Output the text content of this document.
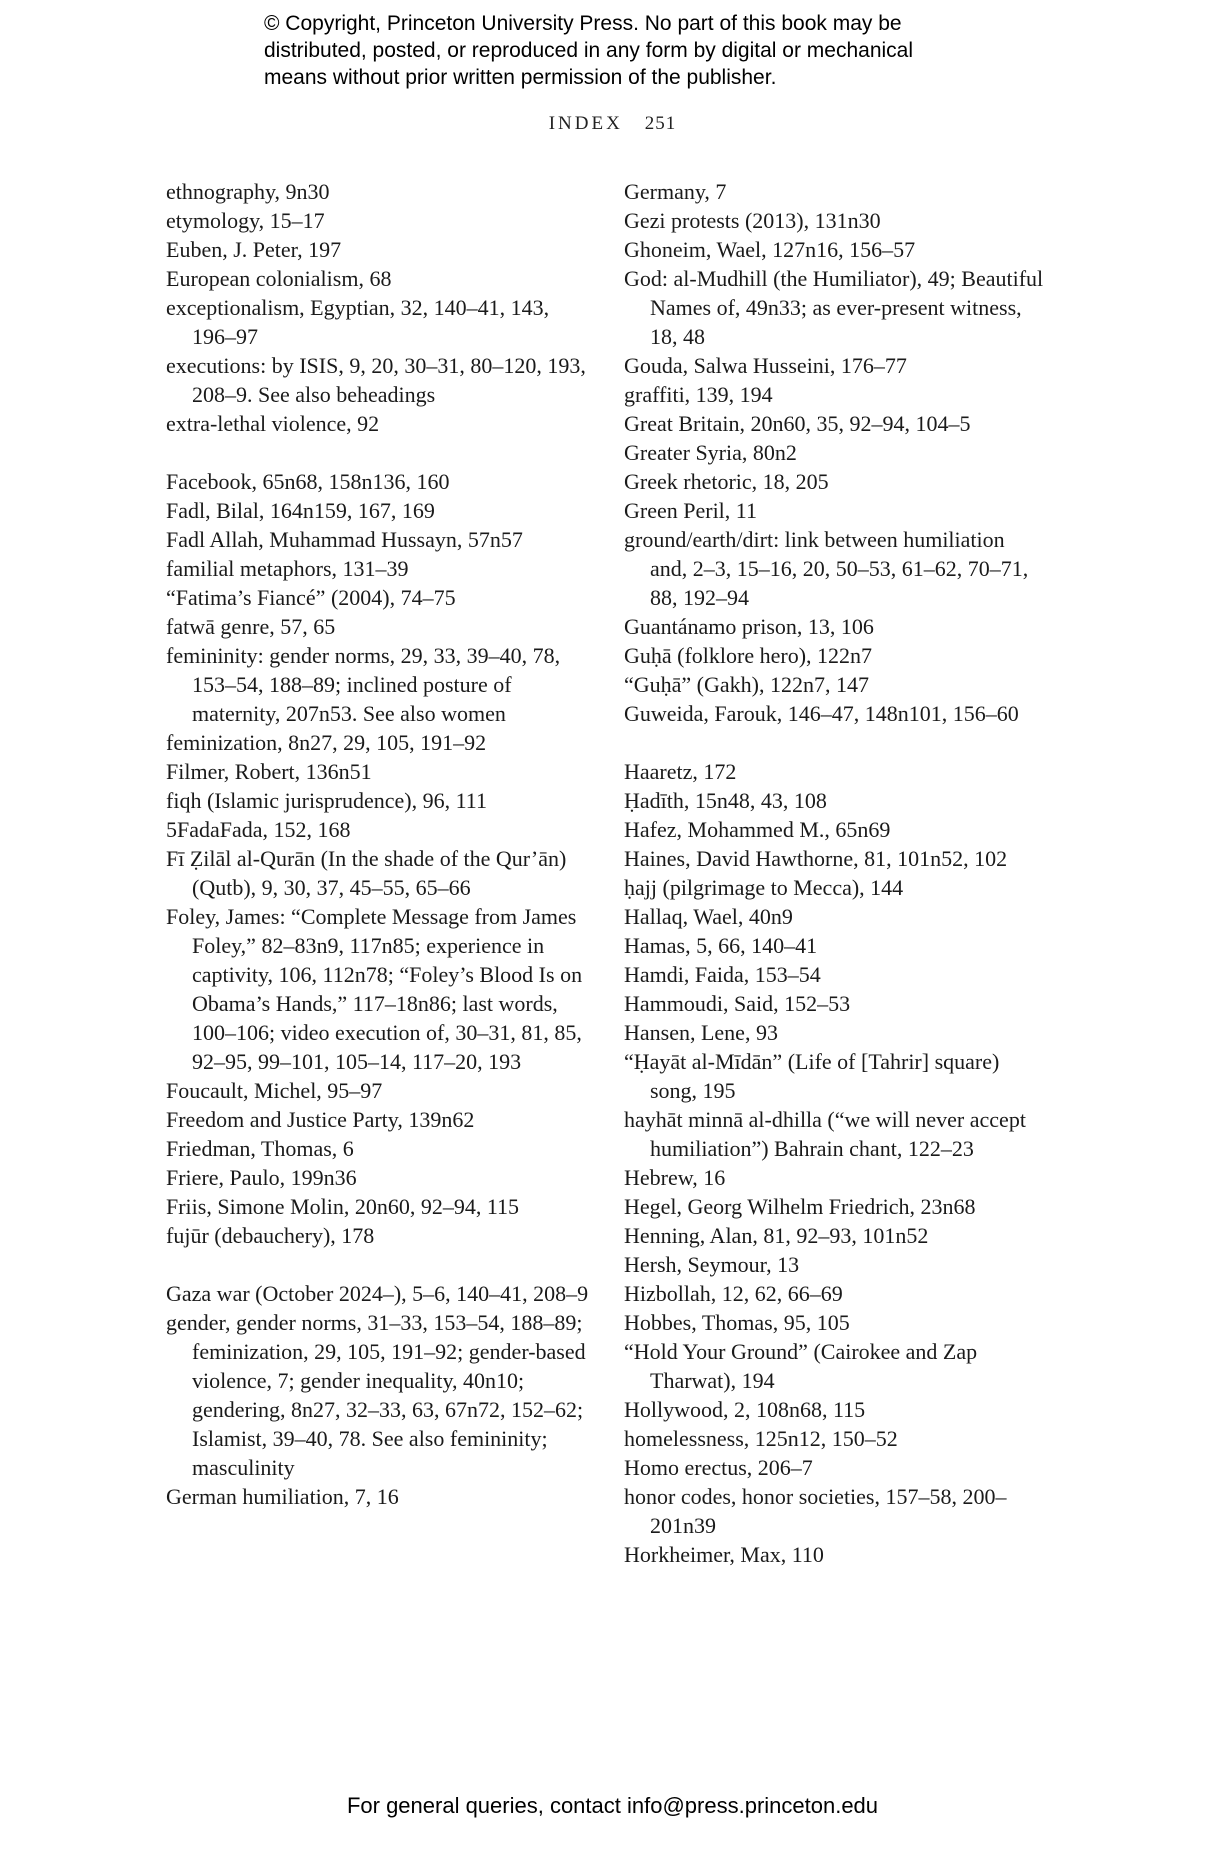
© Copyright, Princeton University Press. No part of this book may be
distributed, posted, or reproduced in any form by digital or mechanical
means without prior written permission of the publisher.
INDEX 251
ethnography, 9n30
etymology, 15–17
Euben, J. Peter, 197
European colonialism, 68
exceptionalism, Egyptian, 32, 140–41, 143, 196–97
executions: by ISIS, 9, 20, 30–31, 80–120, 193, 208–9. See also beheadings
extra-lethal violence, 92
Facebook, 65n68, 158n136, 160
Fadl, Bilal, 164n159, 167, 169
Fadl Allah, Muhammad Hussayn, 57n57
familial metaphors, 131–39
“Fatima’s Fiancé” (2004), 74–75
fatwā genre, 57, 65
femininity: gender norms, 29, 33, 39–40, 78, 153–54, 188–89; inclined posture of maternity, 207n53. See also women
feminization, 8n27, 29, 105, 191–92
Filmer, Robert, 136n51
fiqh (Islamic jurisprudence), 96, 111
5FadaFada, 152, 168
Fī Ẓilāl al-Qurān (In the shade of the Qur’ān) (Qutb), 9, 30, 37, 45–55, 65–66
Foley, James: “Complete Message from James Foley,” 82–83n9, 117n85; experience in captivity, 106, 112n78; “Foley’s Blood Is on Obama’s Hands,” 117–18n86; last words, 100–106; video execution of, 30–31, 81, 85, 92–95, 99–101, 105–14, 117–20, 193
Foucault, Michel, 95–97
Freedom and Justice Party, 139n62
Friedman, Thomas, 6
Friere, Paulo, 199n36
Friis, Simone Molin, 20n60, 92–94, 115
fujūr (debauchery), 178
Gaza war (October 2024–), 5–6, 140–41, 208–9
gender, gender norms, 31–33, 153–54, 188–89; feminization, 29, 105, 191–92; gender-based violence, 7; gender inequality, 40n10; gendering, 8n27, 32–33, 63, 67n72, 152–62; Islamist, 39–40, 78. See also femininity; masculinity
German humiliation, 7, 16
Germany, 7
Gezi protests (2013), 131n30
Ghoneim, Wael, 127n16, 156–57
God: al-Mudhill (the Humiliator), 49; Beautiful Names of, 49n33; as ever-present witness, 18, 48
Gouda, Salwa Husseini, 176–77
graffiti, 139, 194
Great Britain, 20n60, 35, 92–94, 104–5
Greater Syria, 80n2
Greek rhetoric, 18, 205
Green Peril, 11
ground/earth/dirt: link between humiliation and, 2–3, 15–16, 20, 50–53, 61–62, 70–71, 88, 192–94
Guantánamo prison, 13, 106
Guḥā (folklore hero), 122n7
“Guḥā” (Gakh), 122n7, 147
Guweida, Farouk, 146–47, 148n101, 156–60
Haaretz, 172
Ḥadīth, 15n48, 43, 108
Hafez, Mohammed M., 65n69
Haines, David Hawthorne, 81, 101n52, 102
ḥajj (pilgrimage to Mecca), 144
Hallaq, Wael, 40n9
Hamas, 5, 66, 140–41
Hamdi, Faida, 153–54
Hammoudi, Said, 152–53
Hansen, Lene, 93
“Ḥayāt al-Mīdān” (Life of [Tahrir] square) song, 195
hayhāt minnā al-dhilla (“we will never accept humiliation”) Bahrain chant, 122–23
Hebrew, 16
Hegel, Georg Wilhelm Friedrich, 23n68
Henning, Alan, 81, 92–93, 101n52
Hersh, Seymour, 13
Hizbollah, 12, 62, 66–69
Hobbes, Thomas, 95, 105
“Hold Your Ground” (Cairokee and Zap Tharwat), 194
Hollywood, 2, 108n68, 115
homelessness, 125n12, 150–52
Homo erectus, 206–7
honor codes, honor societies, 157–58, 200–201n39
Horkheimer, Max, 110
For general queries, contact info@press.princeton.edu
